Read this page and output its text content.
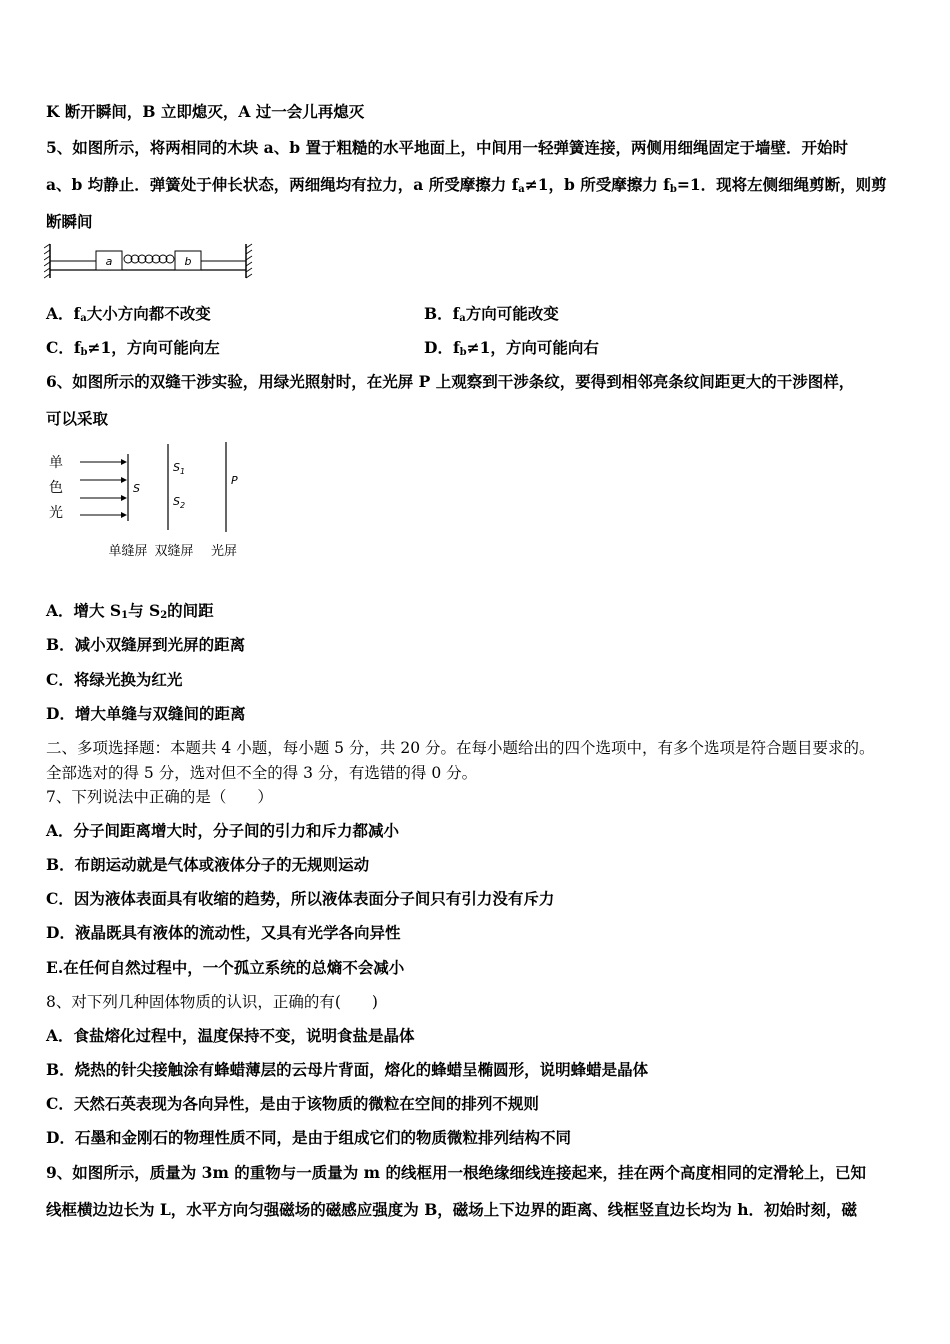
K 断开瞬间，B 立即熄灭，A 过一会儿再熄灭
5、如图所示，将两相同的木块 a、b 置于粗糙的水平地面上，中间用一轻弹簧连接，两侧用细绳固定于墙壁．开始时
a、b 均静止．弹簧处于伸长状态，两细绳均有拉力，a 所受摩擦力 $f_a\ne 1$，b 所受摩擦力 $f_b=1$．现将左侧细绳剪断，则剪
断瞬间
a	b
A．$f_a$大小方向都不改变	B．$f_a$方向可能改变
C．$f_b\ne 1$，方向可能向左	D．$f_b\ne 1$，方向可能向右
6、如图所示的双缝干涉实验，用绿光照射时，在光屏 P 上观察到干涉条纹，要得到相邻亮条纹间距更大的干涉图样，
可以采取
单
色
光
S
$S_1$
$S_2$
P
单缝屏 双缝屏 光屏
A．增大 $S_1$与 $S_2$的间距
B．减小双缝屏到光屏的距离
C．将绿光换为红光
D．增大单缝与双缝间的距离
二、多项选择题：本题共 4 小题，每小题 5 分，共 20 分。在每小题给出的四个选项中，有多个选项是符合题目要求的。
全部选对的得 5 分，选对但不全的得 3 分，有选错的得 0 分。
7、下列说法中正确的是（　　）
A．分子间距离增大时，分子间的引力和斥力都减小
B．布朗运动就是气体或液体分子的无规则运动
C．因为液体表面具有收缩的趋势，所以液体表面分子间只有引力没有斥力
D．液晶既具有液体的流动性，又具有光学各向异性
E.在任何自然过程中，一个孤立系统的总熵不会减小
8、对下列几种固体物质的认识，正确的有(　　)
A．食盐熔化过程中，温度保持不变，说明食盐是晶体
B．烧热的针尖接触涂有蜂蜡薄层的云母片背面，熔化的蜂蜡呈椭圆形，说明蜂蜡是晶体
C．天然石英表现为各向异性，是由于该物质的微粒在空间的排列不规则
D．石墨和金刚石的物理性质不同，是由于组成它们的物质微粒排列结构不同
9、如图所示，质量为 3m 的重物与一质量为 m 的线框用一根绝缘细线连接起来，挂在两个高度相同的定滑轮上，已知
线框横边边长为 L，水平方向匀强磁场的磁感应强度为 B，磁场上下边界的距离、线框竖直边长均为 h．初始时刻，磁
